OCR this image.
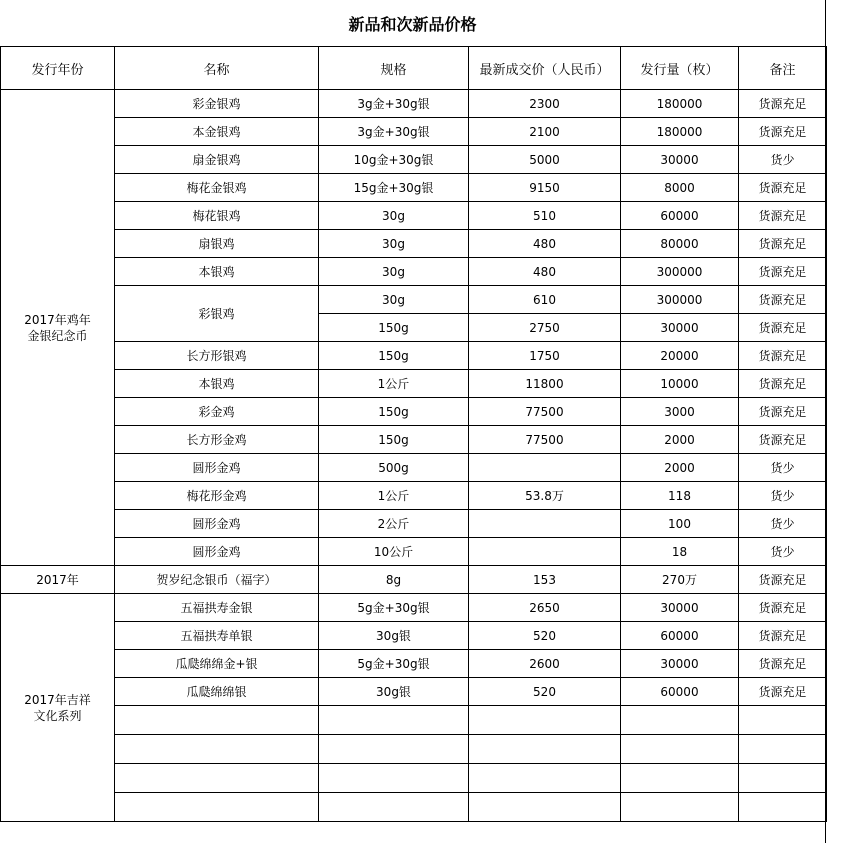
新品和次新品价格
发行年份	名称	规格	最新成交价（人民币）	发行量（枚）	备注

2017年鸡年
金银纪念币	彩金银鸡	3g金+30g银	2300	180000	货源充足
	本金银鸡	3g金+30g银	2100	180000	货源充足
	扇金银鸡	10g金+30g银	5000	30000	货少
	梅花金银鸡	15g金+30g银	9150	8000	货源充足
	梅花银鸡	30g	510	60000	货源充足
	扇银鸡	30g	480	80000	货源充足
	本银鸡	30g	480	300000	货源充足
	彩银鸡	30g	610	300000	货源充足
		150g	2750	30000	货源充足
	长方形银鸡	150g	1750	20000	货源充足
	本银鸡	1公斤	11800	10000	货源充足
	彩金鸡	150g	77500	3000	货源充足
	长方形金鸡	150g	77500	2000	货源充足
	圆形金鸡	500g		2000	货少
	梅花形金鸡	1公斤	53.8万	118	货少
	圆形金鸡	2公斤		100	货少
	圆形金鸡	10公斤		18	货少

2017年	贺岁纪念银币（福字）	8g	153	270万	货源充足

2017年吉祥
文化系列	五福拱寿金银	5g金+30g银	2650	30000	货源充足
	五福拱寿单银	30g银	520	60000	货源充足
	瓜瓞绵绵金+银	5g金+30g银	2600	30000	货源充足
	瓜瓞绵绵银	30g银	520	60000	货源充足
